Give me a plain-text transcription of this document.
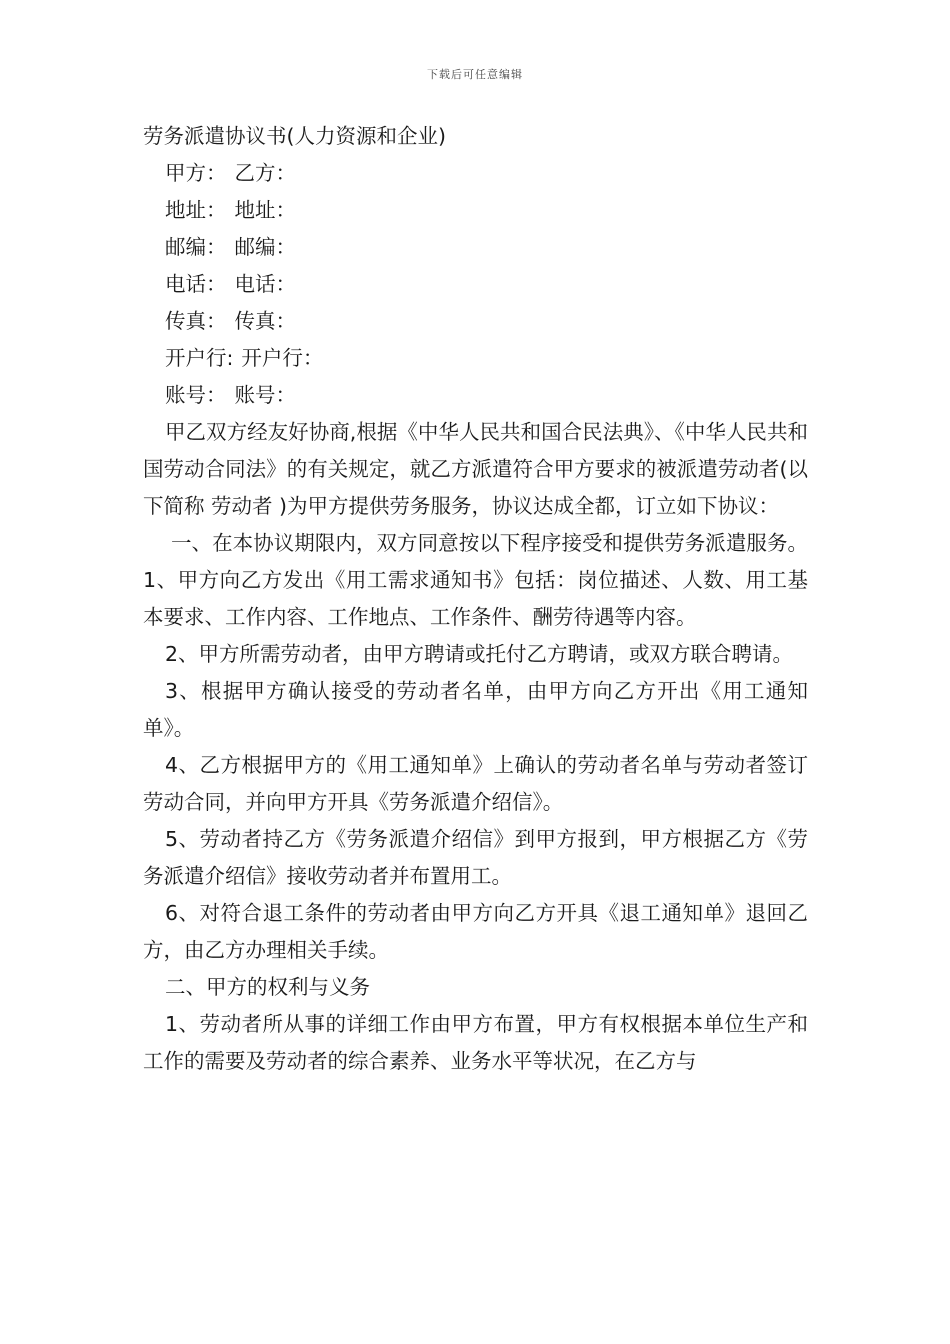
下载后可任意编辑
劳务派遣协议书(人力资源和企业)
甲方： 乙方：
地址： 地址：
邮编： 邮编：
电话： 电话：
传真： 传真：
开户行: 开户行：
账号： 账号：

甲乙双方经友好协商,根据《中华人民共和国合民法典》、《中华人民共和国劳动合同法》的有关规定，就乙方派遣符合甲方要求的被派遣劳动者(以下简称 劳动者 )为甲方提供劳务服务，协议达成全都，订立如下协议：

一、在本协议期限内，双方同意按以下程序接受和提供劳务派遣服务。1、甲方向乙方发出《用工需求通知书》包括：岗位描述、人数、用工基本要求、工作内容、工作地点、工作条件、酬劳待遇等内容。

2、甲方所需劳动者，由甲方聘请或托付乙方聘请，或双方联合聘请。

3、根据甲方确认接受的劳动者名单，由甲方向乙方开出《用工通知单》。

4、乙方根据甲方的《用工通知单》上确认的劳动者名单与劳动者签订劳动合同，并向甲方开具《劳务派遣介绍信》。

5、劳动者持乙方《劳务派遣介绍信》到甲方报到，甲方根据乙方《劳务派遣介绍信》接收劳动者并布置用工。

6、对符合退工条件的劳动者由甲方向乙方开具《退工通知单》退回乙方，由乙方办理相关手续。

二、甲方的权利与义务

1、劳动者所从事的详细工作由甲方布置，甲方有权根据本单位生产和工作的需要及劳动者的综合素养、业务水平等状况，在乙方与
